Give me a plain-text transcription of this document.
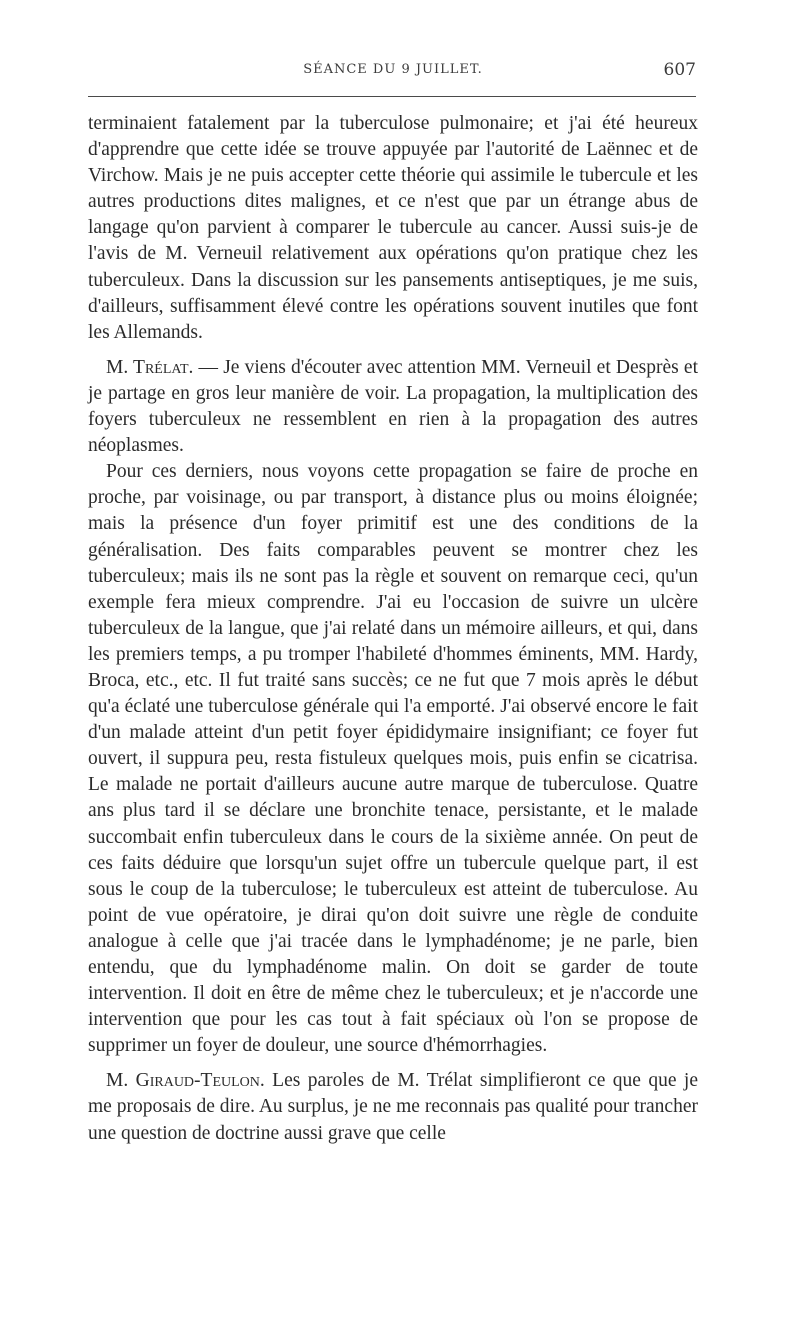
SÉANCE DU 9 JUILLET.	607

terminaient fatalement par la tuberculose pulmonaire; et j'ai été heureux d'apprendre que cette idée se trouve appuyée par l'autorité de Laënnec et de Virchow. Mais je ne puis accepter cette théorie qui assimile le tubercule et les autres productions dites malignes, et ce n'est que par un étrange abus de langage qu'on parvient à comparer le tubercule au cancer. Aussi suis-je de l'avis de M. Verneuil relativement aux opérations qu'on pratique chez les tuberculeux. Dans la discussion sur les pansements antiseptiques, je me suis, d'ailleurs, suffisamment élevé contre les opérations souvent inutiles que font les Allemands.

M. Trélat. — Je viens d'écouter avec attention MM. Verneuil et Desprès et je partage en gros leur manière de voir. La propagation, la multiplication des foyers tuberculeux ne ressemblent en rien à la propagation des autres néoplasmes.

Pour ces derniers, nous voyons cette propagation se faire de proche en proche, par voisinage, ou par transport, à distance plus ou moins éloignée; mais la présence d'un foyer primitif est une des conditions de la généralisation. Des faits comparables peuvent se montrer chez les tuberculeux; mais ils ne sont pas la règle et souvent on remarque ceci, qu'un exemple fera mieux comprendre. J'ai eu l'occasion de suivre un ulcère tuberculeux de la langue, que j'ai relaté dans un mémoire ailleurs, et qui, dans les premiers temps, a pu tromper l'habileté d'hommes éminents, MM. Hardy, Broca, etc., etc. Il fut traité sans succès; ce ne fut que 7 mois après le début qu'a éclaté une tuberculose générale qui l'a emporté. J'ai observé encore le fait d'un malade atteint d'un petit foyer épididymaire insignifiant; ce foyer fut ouvert, il suppura peu, resta fistuleux quelques mois, puis enfin se cicatrisa. Le malade ne portait d'ailleurs aucune autre marque de tuberculose. Quatre ans plus tard il se déclare une bronchite tenace, persistante, et le malade succombait enfin tuberculeux dans le cours de la sixième année. On peut de ces faits déduire que lorsqu'un sujet offre un tubercule quelque part, il est sous le coup de la tuberculose; le tuberculeux est atteint de tuberculose. Au point de vue opératoire, je dirai qu'on doit suivre une règle de conduite analogue à celle que j'ai tracée dans le lymphadénome; je ne parle, bien entendu, que du lymphadénome malin. On doit se garder de toute intervention. Il doit en être de même chez le tuberculeux; et je n'accorde une intervention que pour les cas tout à fait spéciaux où l'on se propose de supprimer un foyer de douleur, une source d'hémorrhagies.

M. Giraud-Teulon. Les paroles de M. Trélat simplifieront ce que que je me proposais de dire. Au surplus, je ne me reconnais pas qualité pour trancher une question de doctrine aussi grave que celle
